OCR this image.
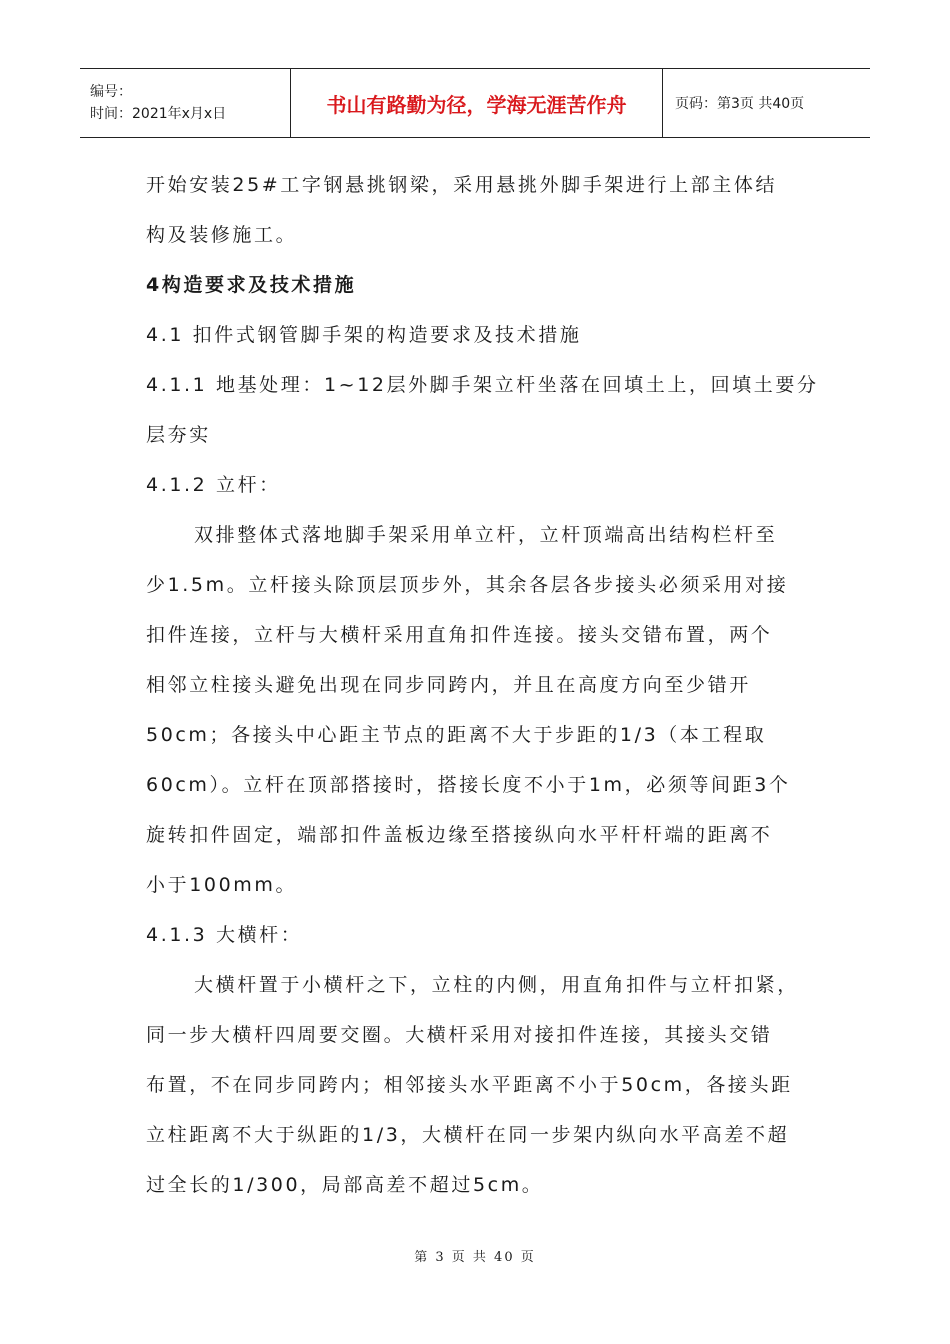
编号：
时间：2021年x月x日	书山有路勤为径，学海无涯苦作舟	页码：第3页 共40页

开始安装25#工字钢悬挑钢梁，采用悬挑外脚手架进行上部主体结

构及装修施工。

4构造要求及技术措施

4.1 扣件式钢管脚手架的构造要求及技术措施

4.1.1 地基处理：1~12层外脚手架立杆坐落在回填土上，回填土要分

层夯实

4.1.2 立杆：

双排整体式落地脚手架采用单立杆，立杆顶端高出结构栏杆至

少1.5m。立杆接头除顶层顶步外，其余各层各步接头必须采用对接

扣件连接，立杆与大横杆采用直角扣件连接。接头交错布置，两个

相邻立柱接头避免出现在同步同跨内，并且在高度方向至少错开

50cm；各接头中心距主节点的距离不大于步距的1/3（本工程取

60cm）。立杆在顶部搭接时，搭接长度不小于1m，必须等间距3个

旋转扣件固定，端部扣件盖板边缘至搭接纵向水平杆杆端的距离不

小于100mm。

4.1.3 大横杆：

大横杆置于小横杆之下，立柱的内侧，用直角扣件与立杆扣紧，

同一步大横杆四周要交圈。大横杆采用对接扣件连接，其接头交错

布置，不在同步同跨内；相邻接头水平距离不小于50cm，各接头距

立柱距离不大于纵距的1/3，大横杆在同一步架内纵向水平高差不超

过全长的1/300，局部高差不超过5cm。

第 3 页 共 40 页
